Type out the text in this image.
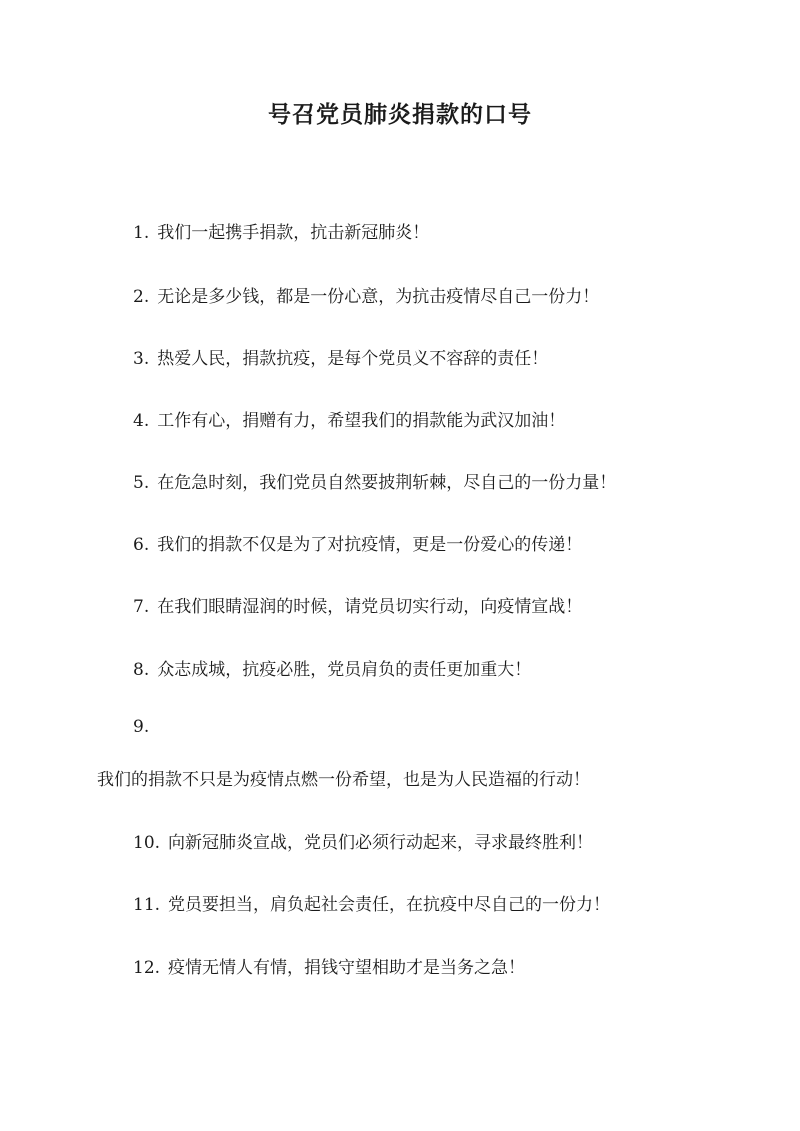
号召党员肺炎捐款的口号
1. 我们一起携手捐款，抗击新冠肺炎！
2. 无论是多少钱，都是一份心意，为抗击疫情尽自己一份力！
3. 热爱人民，捐款抗疫，是每个党员义不容辞的责任！
4. 工作有心，捐赠有力，希望我们的捐款能为武汉加油！
5. 在危急时刻，我们党员自然要披荆斩棘，尽自己的一份力量！
6. 我们的捐款不仅是为了对抗疫情，更是一份爱心的传递！
7. 在我们眼睛湿润的时候，请党员切实行动，向疫情宣战！
8. 众志成城，抗疫必胜，党员肩负的责任更加重大！
9.
我们的捐款不只是为疫情点燃一份希望，也是为人民造福的行动！
10. 向新冠肺炎宣战，党员们必须行动起来，寻求最终胜利！
11. 党员要担当，肩负起社会责任，在抗疫中尽自己的一份力！
12. 疫情无情人有情，捐钱守望相助才是当务之急！
